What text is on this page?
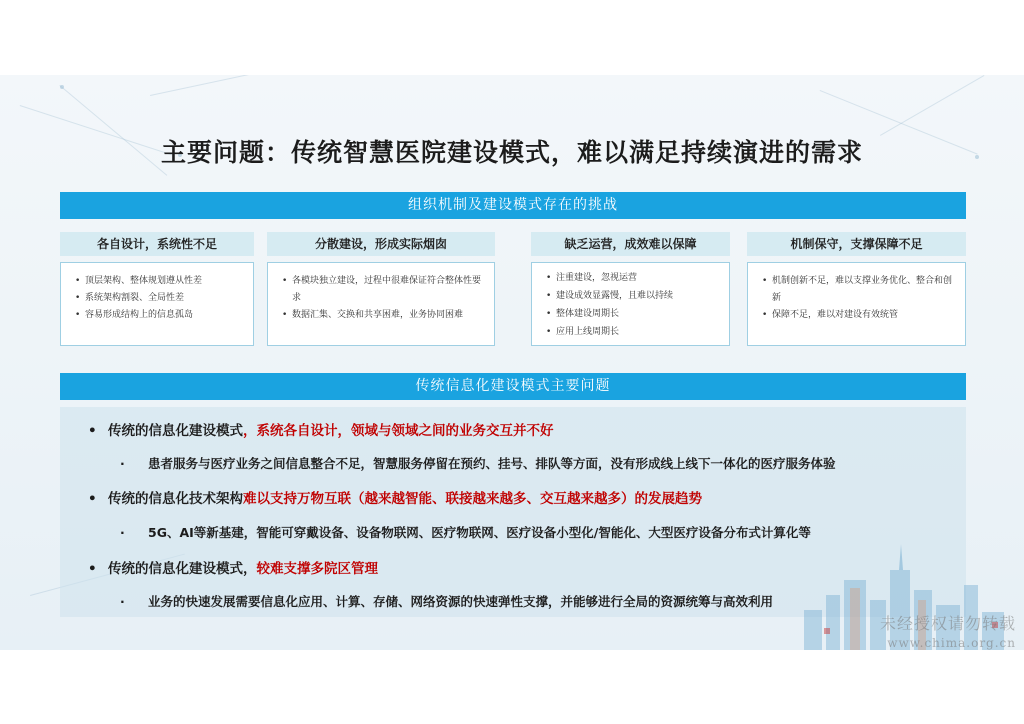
主要问题：传统智慧医院建设模式，难以满足持续演进的需求
组织机制及建设模式存在的挑战
各自设计，系统性不足
• 顶层架构、整体规划遵从性差
• 系统架构割裂、全局性差
• 容易形成结构上的信息孤岛
分散建设，形成实际烟囱
• 各模块独立建设，过程中很难保证符合整体性要求
• 数据汇集、交换和共享困难，业务协同困难
缺乏运营，成效难以保障
• 注重建设，忽视运营
• 建设成效显露慢，且难以持续
• 整体建设周期长
• 应用上线周期长
机制保守，支撑保障不足
• 机制创新不足，难以支撑业务优化、整合和创新
• 保障不足，难以对建设有效统管
传统信息化建设模式主要问题
• 传统的信息化建设模式，系统各自设计，领域与领域之间的业务交互并不好
· 患者服务与医疗业务之间信息整合不足，智慧服务停留在预约、挂号、排队等方面，没有形成线上线下一体化的医疗服务体验
• 传统的信息化技术架构难以支持万物互联（越来越智能、联接越来越多、交互越来越多）的发展趋势
· 5G、AI等新基建，智能可穿戴设备、设备物联网、医疗物联网、医疗设备小型化/智能化、大型医疗设备分布式计算化等
• 传统的信息化建设模式，较难支撑多院区管理
· 业务的快速发展需要信息化应用、计算、存储、网络资源的快速弹性支撑，并能够进行全局的资源统筹与高效利用
未经授权请勿转载
www.chima.org.cn
